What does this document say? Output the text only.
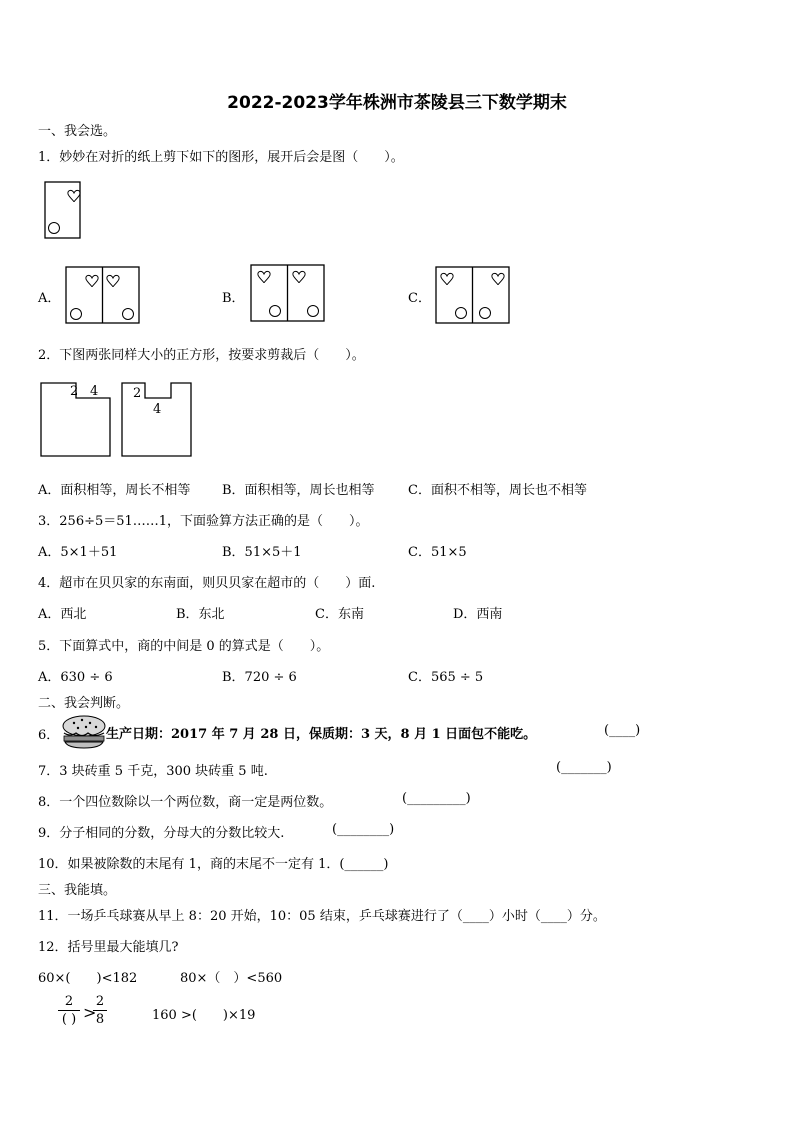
2022-2023学年株洲市茶陵县三下数学期末
一、我会选。
1．妙妙在对折的纸上剪下如下的图形，展开后会是图（　　）。
A．	B．	C．
2．下图两张同样大小的正方形，按要求剪裁后（　　）。
2 4	2
4
A．面积相等，周长不相等 B．面积相等，周长也相等	C．面积不相等，周长也不相等
3．256÷5＝51……1，下面验算方法正确的是（　　）。
A．5×1＋51	B．51×5＋1	C．51×5
4．超市在贝贝家的东南面，则贝贝家在超市的（　　）面.
A．西北	B．东北	C．东南	D．西南
5．下面算式中，商的中间是 0 的算式是（　　）。
A．630 ÷ 6	B．720 ÷ 6	C．565 ÷ 5
二、我会判断。
6．	生产日期：2017 年 7 月 28 日，保质期：3 天，8 月 1 日面包不能吃。	(____)
7．3 块砖重 5 千克，300 块砖重 5 吨.	(_______)
8．一个四位数除以一个两位数，商一定是两位数。	(_________)
9．分子相同的分数，分母大的分数比较大.	(________)
10．如果被除数的末尾有 1，商的末尾不一定有 1．(______)
三、我能填。
11．一场乒乓球赛从早上 8：20 开始，10：05 结束，乒乓球赛进行了（____）小时（____）分。
12．括号里最大能填几?
60×(　　)<182	80×（　）<560
2
( ) >
2
8	160 >(　　)×19
